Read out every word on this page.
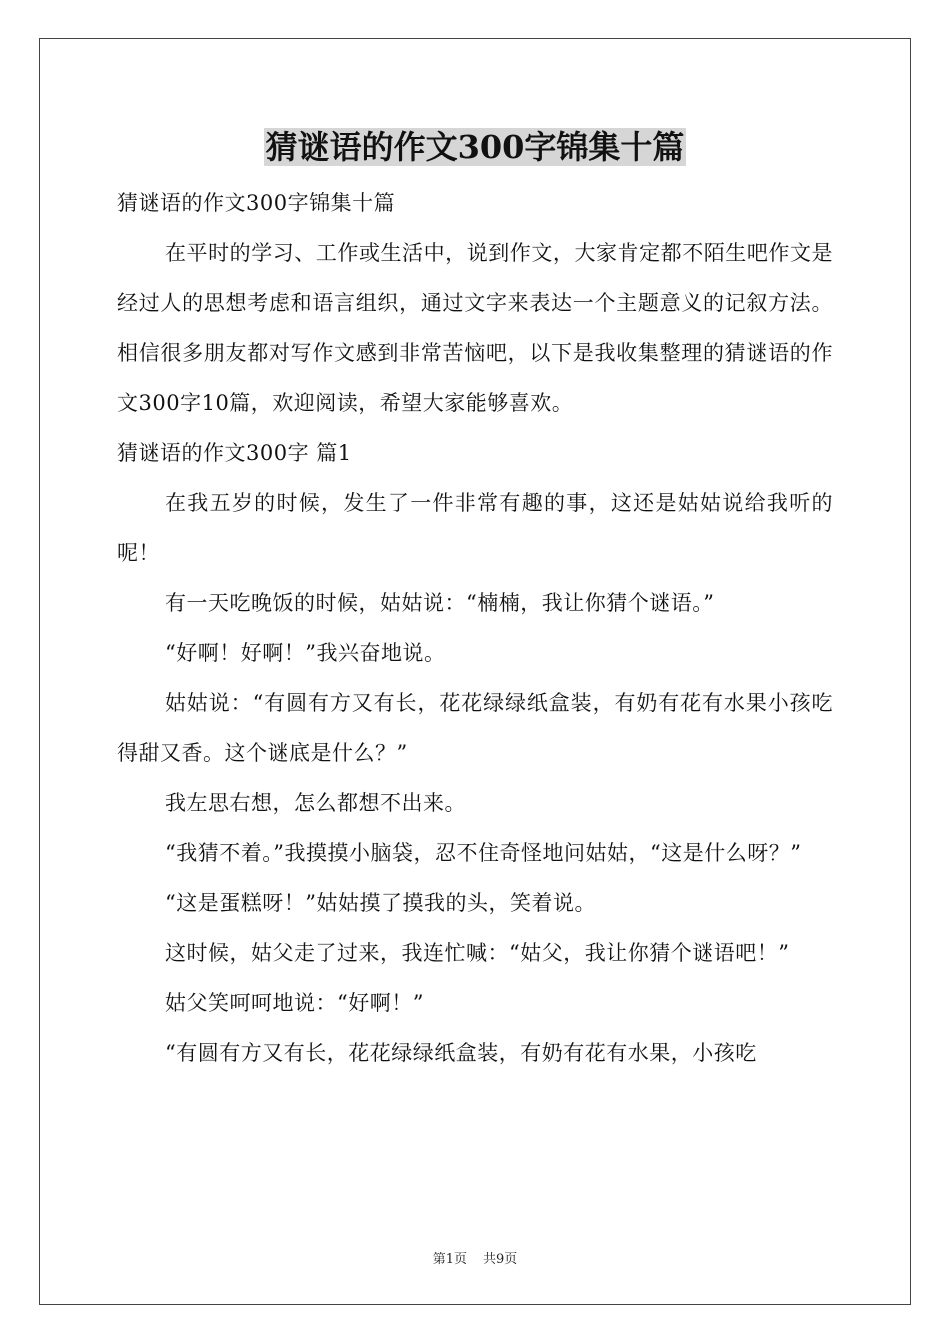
猜谜语的作文300字锦集十篇

猜谜语的作文300字锦集十篇

在平时的学习、工作或生活中，说到作文，大家肯定都不陌生吧作文是经过人的思想考虑和语言组织，通过文字来表达一个主题意义的记叙方法。相信很多朋友都对写作文感到非常苦恼吧，以下是我收集整理的猜谜语的作文300字10篇，欢迎阅读，希望大家能够喜欢。

猜谜语的作文300字 篇1

在我五岁的时候，发生了一件非常有趣的事，这还是姑姑说给我听的呢！

有一天吃晚饭的时候，姑姑说：“楠楠，我让你猜个谜语。”

“好啊！好啊！”我兴奋地说。

姑姑说：“有圆有方又有长，花花绿绿纸盒装，有奶有花有水果小孩吃得甜又香。这个谜底是什么？”

我左思右想，怎么都想不出来。

“我猜不着。”我摸摸小脑袋，忍不住奇怪地问姑姑，“这是什么呀？”

“这是蛋糕呀！”姑姑摸了摸我的头，笑着说。

这时候，姑父走了过来，我连忙喊：“姑父，我让你猜个谜语吧！”

姑父笑呵呵地说：“好啊！”

“有圆有方又有长，花花绿绿纸盒装，有奶有花有水果，小孩吃

第1页 共9页
